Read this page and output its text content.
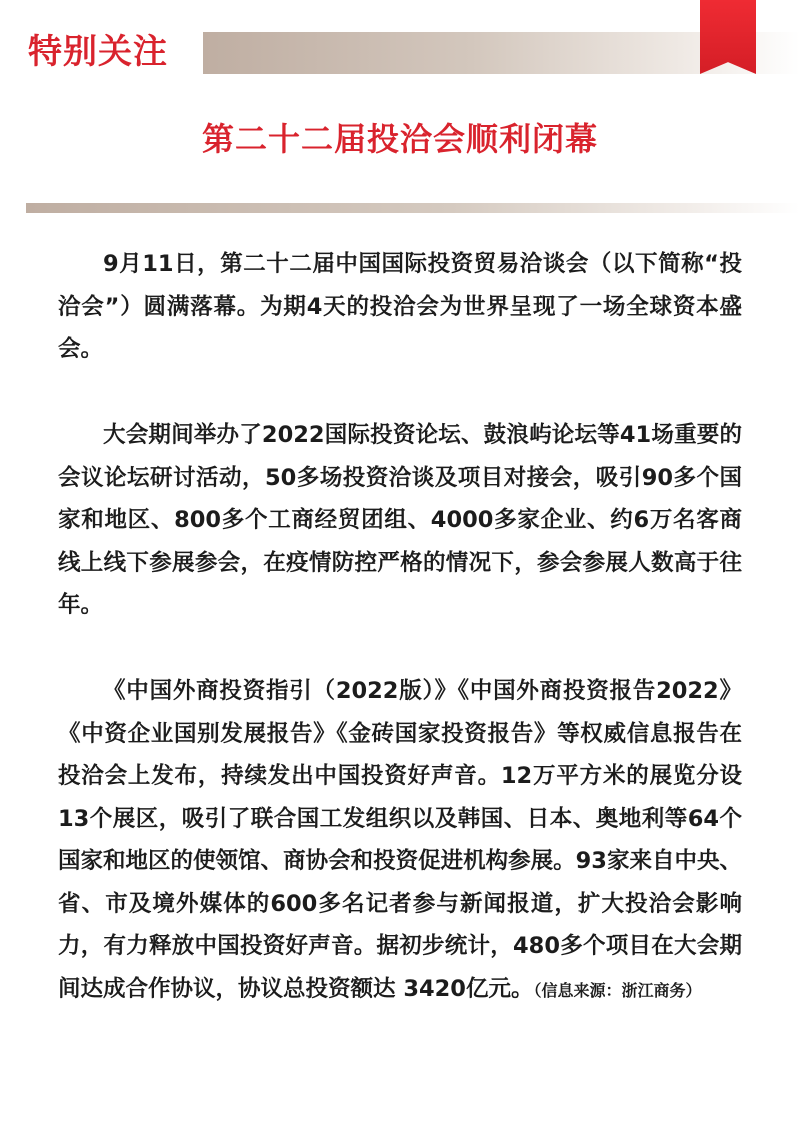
特别关注
第二十二届投洽会顺利闭幕

9月11日，第二十二届中国国际投资贸易洽谈会（以下简称“投洽会”）圆满落幕。为期4天的投洽会为世界呈现了一场全球资本盛会。

大会期间举办了2022国际投资论坛、鼓浪屿论坛等41场重要的会议论坛研讨活动，50多场投资洽谈及项目对接会，吸引90多个国家和地区、800多个工商经贸团组、4000多家企业、约6万名客商线上线下参展参会，在疫情防控严格的情况下，参会参展人数高于往年。

《中国外商投资指引（2022版）》《中国外商投资报告2022》《中资企业国别发展报告》《金砖国家投资报告》等权威信息报告在投洽会上发布，持续发出中国投资好声音。12万平方米的展览分设13个展区，吸引了联合国工发组织以及韩国、日本、奥地利等64个国家和地区的使领馆、商协会和投资促进机构参展。93家来自中央、省、市及境外媒体的600多名记者参与新闻报道，扩大投洽会影响力，有力释放中国投资好声音。据初步统计，480多个项目在大会期间达成合作协议，协议总投资额达 3420亿元。（信息来源：浙江商务）
